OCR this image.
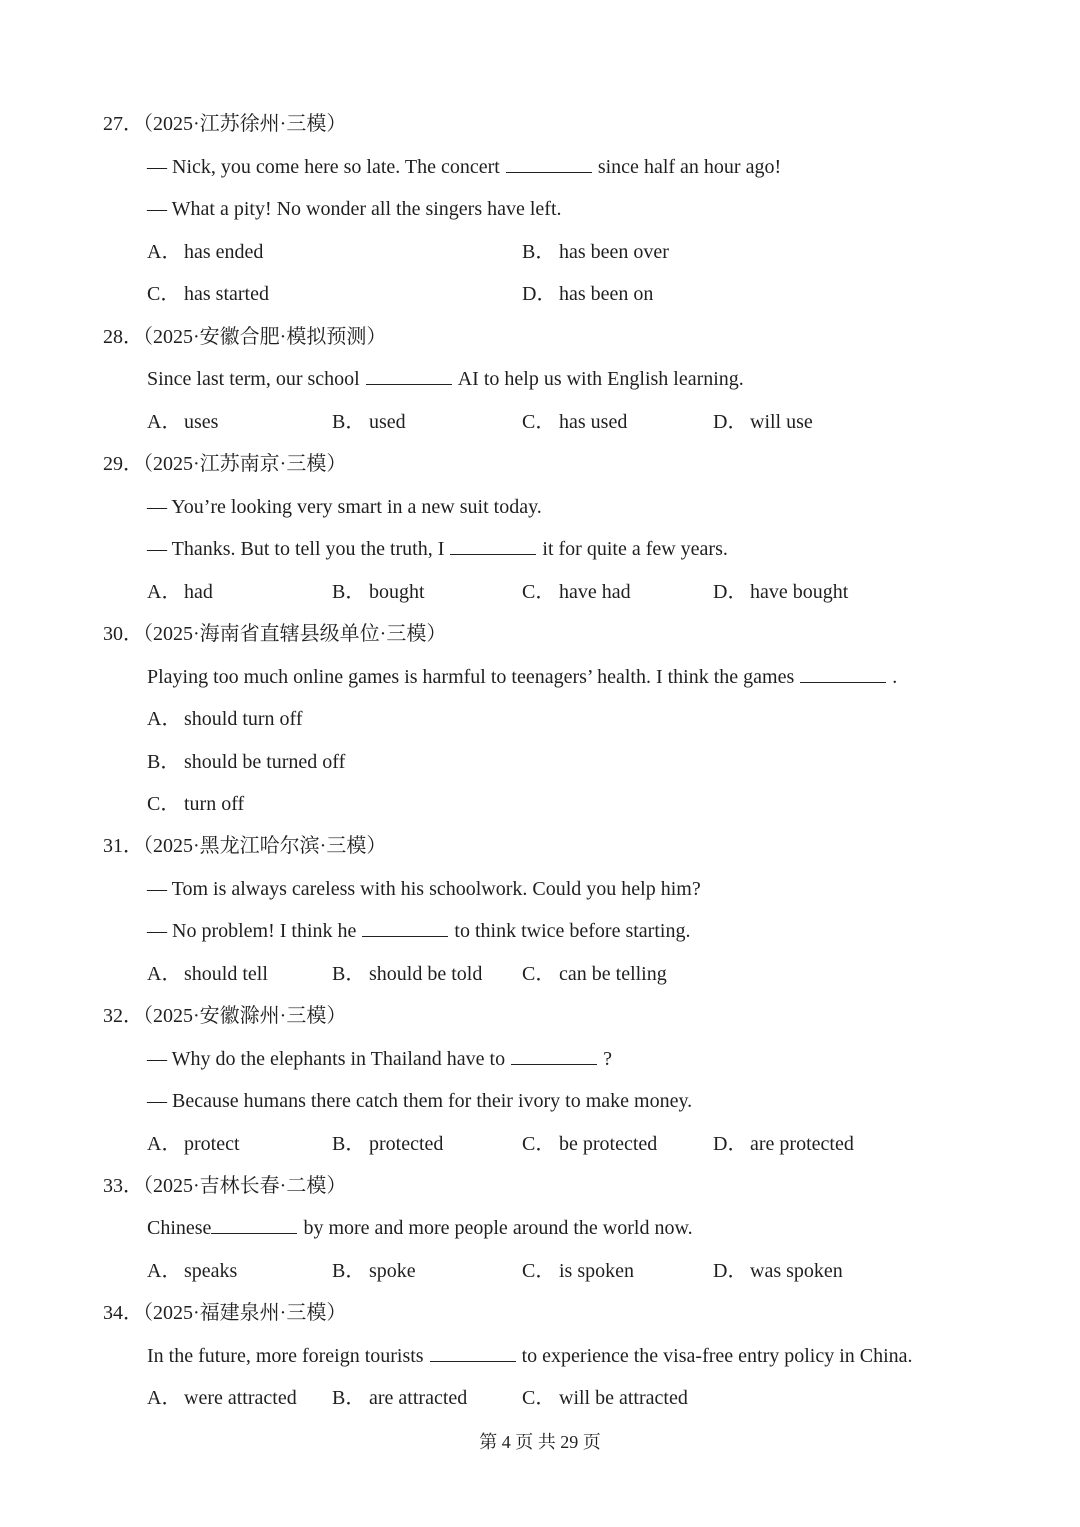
27．（2025·江苏徐州·三模）
— Nick, you come here so late. The concert	since half an hour ago!
— What a pity! No wonder all the singers have left.
A． has ended	B． has been over
C． has started	D． has been on
28．（2025·安徽合肥·模拟预测）
Since last term, our school	AI to help us with English learning.
A． uses	B． used	C． has used	D． will use
29．（2025·江苏南京·三模）
— You’re looking very smart in a new suit today.
— Thanks. But to tell you the truth, I	it for quite a few years.
A． had	B． bought	C． have had	D． have bought
30．（2025·海南省直辖县级单位·三模）
Playing too much online games is harmful to teenagers’ health. I think the games	.
A． should turn off
B． should be turned off
C． turn off
31．（2025·黑龙江哈尔滨·三模）
— Tom is always careless with his schoolwork. Could you help him?
— No problem! I think he	to think twice before starting.
A． should tell	B． should be told C． can be telling
32．（2025·安徽滁州·三模）
— Why do the elephants in Thailand have to	?
— Because humans there catch them for their ivory to make money.
A． protect	B． protected	C． be protected	D． are protected
33．（2025·吉林长春·二模）
Chinese	by more and more people around the world now.
A． speaks	B． spoke	C． is spoken	D． was spoken
34．（2025·福建泉州·三模）
In the future, more foreign tourists	to experience the visa-free entry policy in China.
A． were attracted B． are attracted	C． will be attracted
第 4 页 共 29 页
